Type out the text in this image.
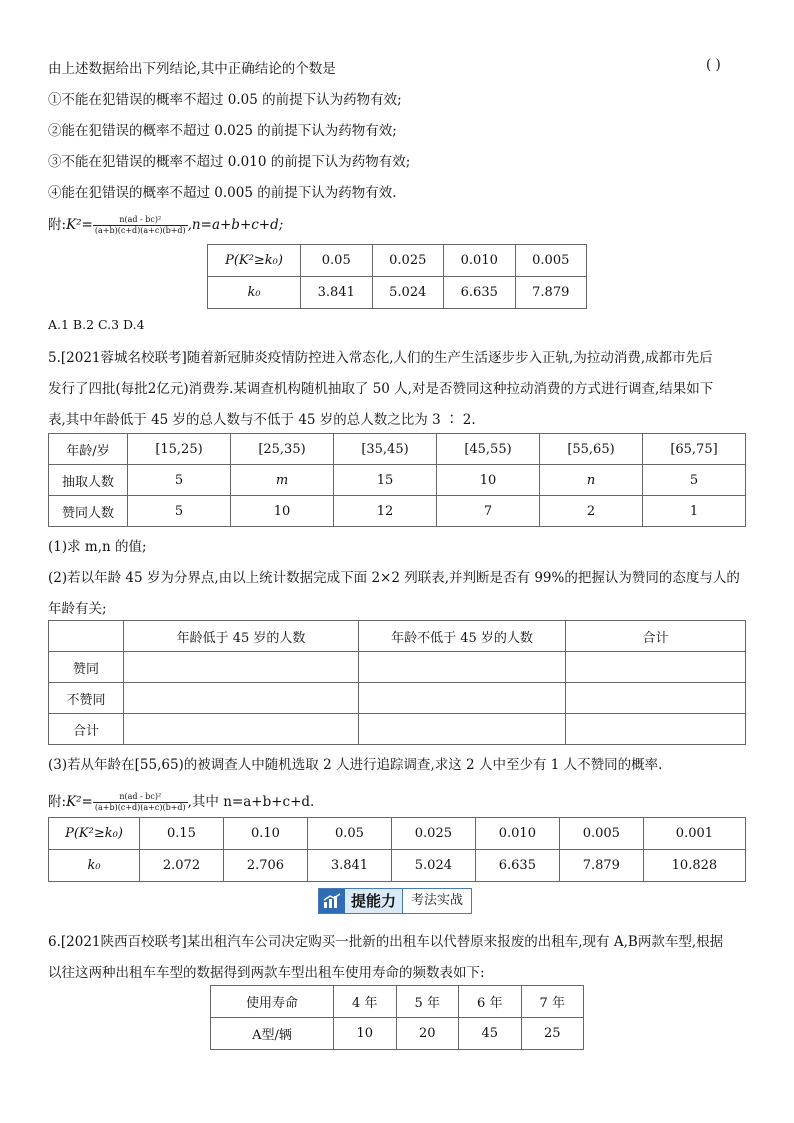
由上述数据给出下列结论,其中正确结论的个数是	( )
①不能在犯错误的概率不超过 0.05 的前提下认为药物有效;
②能在犯错误的概率不超过 0.025 的前提下认为药物有效;
③不能在犯错误的概率不超过 0.010 的前提下认为药物有效;
④能在犯错误的概率不超过 0.005 的前提下认为药物有效.
附:K²= $\frac{\text{n(ad - bc)²}}{(a+b)(c+d)(a+c)(b+d)} ,n=a+b+c+d$;
P(K²≥k₀)	0.05	0.025	0.010	0.005
k₀	3.841	5.024	6.635	7.879
A.1 B.2 C.3 D.4
5.[2021蓉城名校联考]随着新冠肺炎疫情防控进入常态化,人们的生产生活逐步步入正轨,为拉动消费,成都市先后
发行了四批(每批2亿元)消费券.某调查机构随机抽取了 50 人,对是否赞同这种拉动消费的方式进行调查,结果如下
表,其中年龄低于 45 岁的总人数与不低于 45 岁的总人数之比为 3 ∶ 2.
年龄/岁	[15,25)	[25,35)	[35,45)	[45,55)	[55,65)	[65,75]
抽取人数	5	m	15	10	n	5
赞同人数	5	10	12	7	2	1
(1)求 m,n 的值;
(2)若以年龄 45 岁为分界点,由以上统计数据完成下面 2×2 列联表,并判断是否有 99%的把握认为赞同的态度与人的
年龄有关;
	年龄低于 45 岁的人数	年龄不低于 45 岁的人数	合计
赞同			
不赞同			
合计			
(3)若从年龄在[55,65)的被调查人中随机选取 2 人进行追踪调查,求这 2 人中至少有 1 人不赞同的概率.
附:K²= $\frac{\text{n(ad - bc)²}}{(a+b)(c+d)(a+c)(b+d)}$ ,其中 n=a+b+c+d.
P(K²≥k₀)	0.15	0.10	0.05	0.025	0.010	0.005	0.001
k₀	2.072	2.706	3.841	5.024	6.635	7.879	10.828
提能力	考法实战
6.[2021陕西百校联考]某出租汽车公司决定购买一批新的出租车以代替原来报废的出租车,现有 A,B两款车型,根据
以往这两种出租车车型的数据得到两款车型出租车使用寿命的频数表如下:
使用寿命	4 年	5 年	6 年	7 年
A型/辆	10	20	45	25
